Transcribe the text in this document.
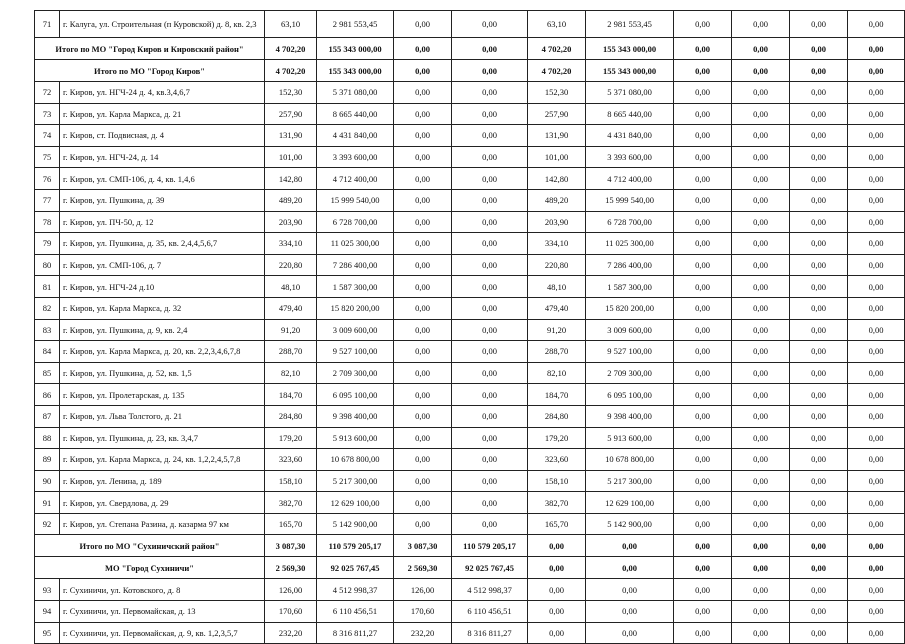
71	г. Калуга, ул. Строительная (п Куровской) д. 8, кв. 2,3	63,10	2 981 553,45	0,00	0,00	63,10	2 981 553,45	0,00	0,00	0,00	0,00
Итого по МО "Город Киров и Кировский район"		4 702,20	155 343 000,00	0,00	0,00	4 702,20	155 343 000,00	0,00	0,00	0,00	0,00
Итого по МО "Город Киров"		4 702,20	155 343 000,00	0,00	0,00	4 702,20	155 343 000,00	0,00	0,00	0,00	0,00
72	г. Киров, ул. НГЧ-24 д. 4, кв.3,4,6,7	152,30	5 371 080,00	0,00	0,00	152,30	5 371 080,00	0,00	0,00	0,00	0,00
73	г. Киров, ул. Карла Маркса, д. 21	257,90	8 665 440,00	0,00	0,00	257,90	8 665 440,00	0,00	0,00	0,00	0,00
74	г. Киров, ст. Подвисная, д. 4	131,90	4 431 840,00	0,00	0,00	131,90	4 431 840,00	0,00	0,00	0,00	0,00
75	г. Киров, ул. НГЧ-24, д. 14	101,00	3 393 600,00	0,00	0,00	101,00	3 393 600,00	0,00	0,00	0,00	0,00
76	г. Киров, ул. СМП-106, д. 4, кв. 1,4,6	142,80	4 712 400,00	0,00	0,00	142,80	4 712 400,00	0,00	0,00	0,00	0,00
77	г. Киров, ул. Пушкина, д. 39	489,20	15 999 540,00	0,00	0,00	489,20	15 999 540,00	0,00	0,00	0,00	0,00
78	г. Киров, ул. ПЧ-50, д. 12	203,90	6 728 700,00	0,00	0,00	203,90	6 728 700,00	0,00	0,00	0,00	0,00
79	г. Киров, ул. Пушкина, д. 35, кв. 2,4,4,5,6,7	334,10	11 025 300,00	0,00	0,00	334,10	11 025 300,00	0,00	0,00	0,00	0,00
80	г. Киров, ул. СМП-106, д. 7	220,80	7 286 400,00	0,00	0,00	220,80	7 286 400,00	0,00	0,00	0,00	0,00
81	г. Киров, ул. НГЧ-24 д.10	48,10	1 587 300,00	0,00	0,00	48,10	1 587 300,00	0,00	0,00	0,00	0,00
82	г. Киров, ул. Карла Маркса, д. 32	479,40	15 820 200,00	0,00	0,00	479,40	15 820 200,00	0,00	0,00	0,00	0,00
83	г. Киров, ул. Пушкина, д. 9, кв. 2,4	91,20	3 009 600,00	0,00	0,00	91,20	3 009 600,00	0,00	0,00	0,00	0,00
84	г. Киров, ул. Карла Маркса, д. 20, кв. 2,2,3,4,6,7,8	288,70	9 527 100,00	0,00	0,00	288,70	9 527 100,00	0,00	0,00	0,00	0,00
85	г. Киров, ул. Пушкина, д. 52, кв. 1,5	82,10	2 709 300,00	0,00	0,00	82,10	2 709 300,00	0,00	0,00	0,00	0,00
86	г. Киров, ул. Пролетарская, д. 135	184,70	6 095 100,00	0,00	0,00	184,70	6 095 100,00	0,00	0,00	0,00	0,00
87	г. Киров, ул. Льва Толстого, д. 21	284,80	9 398 400,00	0,00	0,00	284,80	9 398 400,00	0,00	0,00	0,00	0,00
88	г. Киров, ул. Пушкина, д. 23, кв. 3,4,7	179,20	5 913 600,00	0,00	0,00	179,20	5 913 600,00	0,00	0,00	0,00	0,00
89	г. Киров, ул. Карла Маркса, д. 24, кв. 1,2,2,4,5,7,8	323,60	10 678 800,00	0,00	0,00	323,60	10 678 800,00	0,00	0,00	0,00	0,00
90	г. Киров, ул. Ленина, д. 189	158,10	5 217 300,00	0,00	0,00	158,10	5 217 300,00	0,00	0,00	0,00	0,00
91	г. Киров, ул. Свердлова, д. 29	382,70	12 629 100,00	0,00	0,00	382,70	12 629 100,00	0,00	0,00	0,00	0,00
92	г. Киров, ул. Степана Разина, д. казарма 97 км	165,70	5 142 900,00	0,00	0,00	165,70	5 142 900,00	0,00	0,00	0,00	0,00
Итого по МО "Сухиничский район"		3 087,30	110 579 205,17	3 087,30	110 579 205,17	0,00	0,00	0,00	0,00	0,00	0,00
МО "Город Сухиничи"		2 569,30	92 025 767,45	2 569,30	92 025 767,45	0,00	0,00	0,00	0,00	0,00	0,00
93	г. Сухиничи, ул. Котовского, д. 8	126,00	4 512 998,37	126,00	4 512 998,37	0,00	0,00	0,00	0,00	0,00	0,00
94	г. Сухиничи, ул. Первомайская, д. 13	170,60	6 110 456,51	170,60	6 110 456,51	0,00	0,00	0,00	0,00	0,00	0,00
95	г. Сухиничи, ул. Первомайская, д. 9, кв. 1,2,3,5,7	232,20	8 316 811,27	232,20	8 316 811,27	0,00	0,00	0,00	0,00	0,00	0,00
